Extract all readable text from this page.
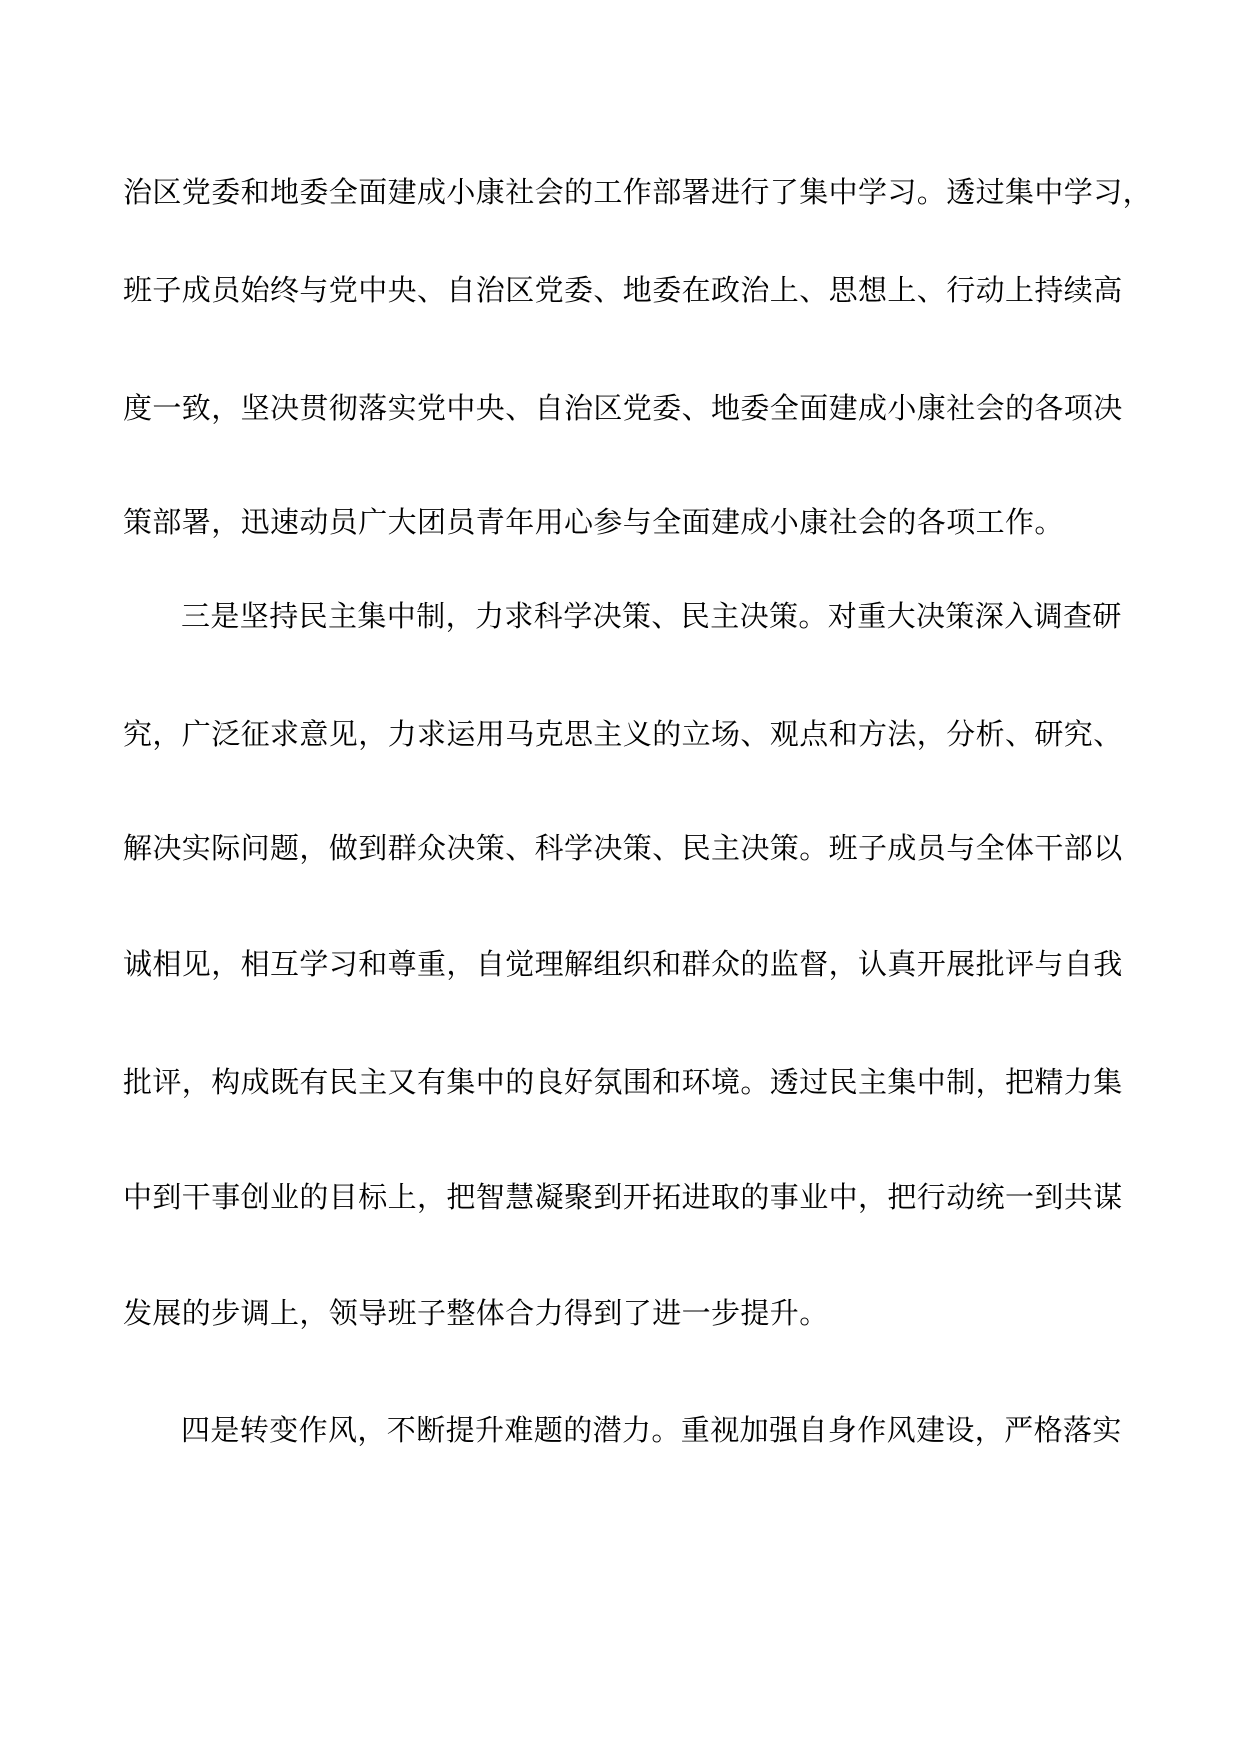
治区党委和地委全面建成小康社会的工作部署进行了集中学习。透过集中学习，
班子成员始终与党中央、自治区党委、地委在政治上、思想上、行动上持续高
度一致，坚决贯彻落实党中央、自治区党委、地委全面建成小康社会的各项决
策部署，迅速动员广大团员青年用心参与全面建成小康社会的各项工作。
三是坚持民主集中制，力求科学决策、民主决策。对重大决策深入调查研
究，广泛征求意见，力求运用马克思主义的立场、观点和方法，分析、研究、
解决实际问题，做到群众决策、科学决策、民主决策。班子成员与全体干部以
诚相见，相互学习和尊重，自觉理解组织和群众的监督，认真开展批评与自我
批评，构成既有民主又有集中的良好氛围和环境。透过民主集中制，把精力集
中到干事创业的目标上，把智慧凝聚到开拓进取的事业中，把行动统一到共谋
发展的步调上，领导班子整体合力得到了进一步提升。
四是转变作风，不断提升难题的潜力。重视加强自身作风建设，严格落实
